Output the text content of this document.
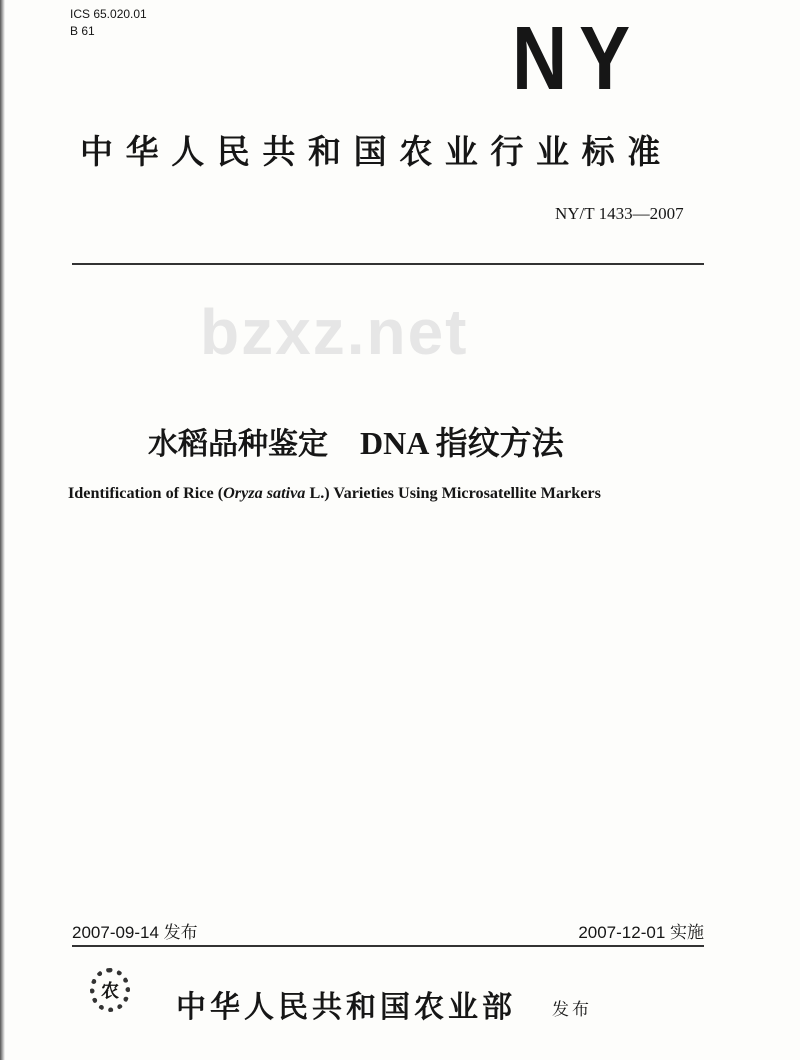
ICS 65.020.01
B 61	NY
中华人民共和国农业行业标准
NY/T 1433—2007
bzxz.net
水稻品种鉴定 DNA 指纹方法
Identification of Rice (Oryza sativa L.) Varieties Using Microsatellite Markers
2007-09-14 发布	2007-12-01 实施
农 中华人民共和国农业部 发布
